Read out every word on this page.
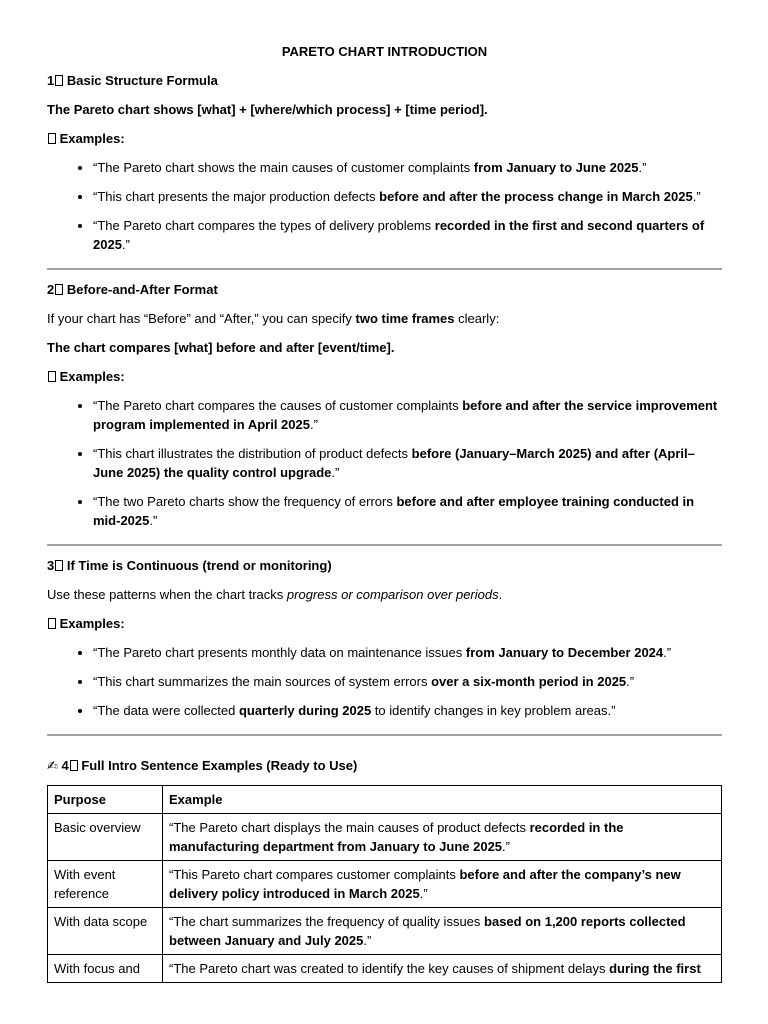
PARETO CHART INTRODUCTION

1 Basic Structure Formula

The Pareto chart shows [what] + [where/which process] + [time period].

Examples:

• “The Pareto chart shows the main causes of customer complaints from January to June 2025.”
• “This chart presents the major production defects before and after the process change in March 2025.”
• “The Pareto chart compares the types of delivery problems recorded in the first and second quarters of 2025.”

2 Before-and-After Format

If your chart has “Before” and “After,” you can specify two time frames clearly:

The chart compares [what] before and after [event/time].

Examples:

• “The Pareto chart compares the causes of customer complaints before and after the service improvement program implemented in April 2025.”
• “This chart illustrates the distribution of product defects before (January–March 2025) and after (April–June 2025) the quality control upgrade.”
• “The two Pareto charts show the frequency of errors before and after employee training conducted in mid-2025.”

3 If Time is Continuous (trend or monitoring)

Use these patterns when the chart tracks progress or comparison over periods.

Examples:

• “The Pareto chart presents monthly data on maintenance issues from January to December 2024.”
• “This chart summarizes the main sources of system errors over a six-month period in 2025.”
• “The data were collected quarterly during 2025 to identify changes in key problem areas.”

✍ 4 Full Intro Sentence Examples (Ready to Use)

Purpose	Example
Basic overview	“The Pareto chart displays the main causes of product defects recorded in the manufacturing department from January to June 2025.”
With event reference	“This Pareto chart compares customer complaints before and after the company’s new delivery policy introduced in March 2025.”
With data scope	“The chart summarizes the frequency of quality issues based on 1,200 reports collected between January and July 2025.”
With focus and	“The Pareto chart was created to identify the key causes of shipment delays during the first
